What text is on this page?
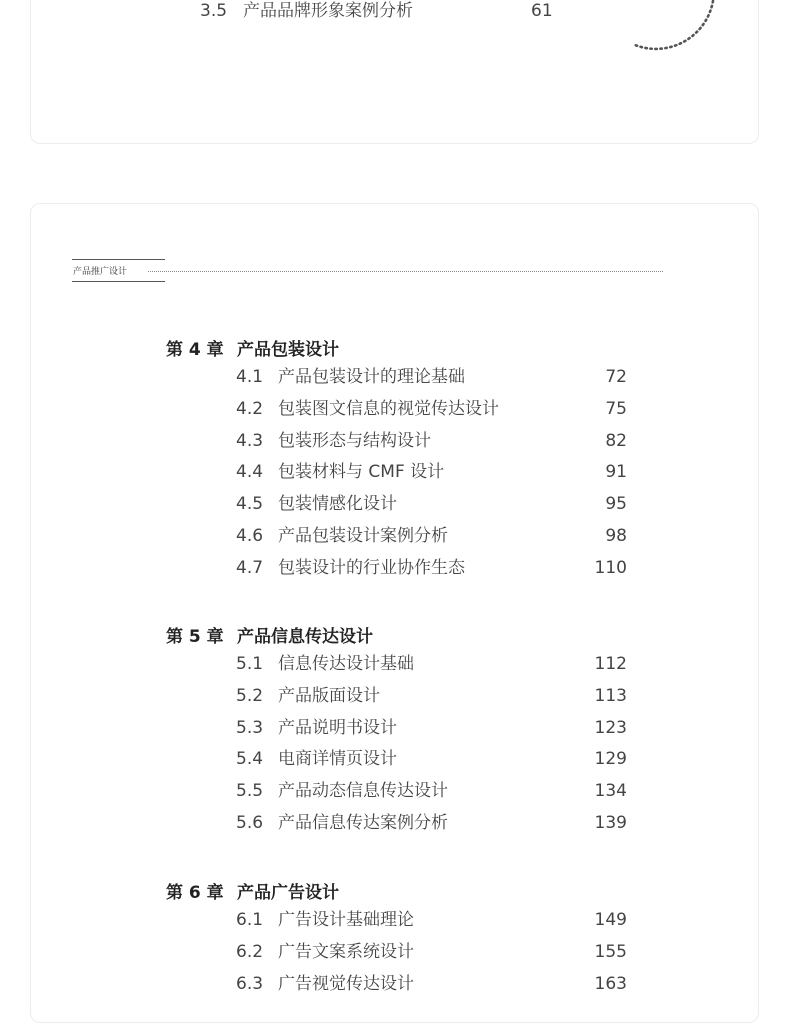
3.5 产品品牌形象案例分析	61
产品推广设计
第 4 章 产品包装设计
4.1 产品包装设计的理论基础	72
4.2 包装图文信息的视觉传达设计	75
4.3 包装形态与结构设计	82
4.4 包装材料与 CMF 设计	91
4.5 包装情感化设计	95
4.6 产品包装设计案例分析	98
4.7 包装设计的行业协作生态	110
第 5 章 产品信息传达设计
5.1 信息传达设计基础	112
5.2 产品版面设计	113
5.3 产品说明书设计	123
5.4 电商详情页设计	129
5.5 产品动态信息传达设计	134
5.6 产品信息传达案例分析	139
第 6 章 产品广告设计
6.1 广告设计基础理论	149
6.2 广告文案系统设计	155
6.3 广告视觉传达设计	163
